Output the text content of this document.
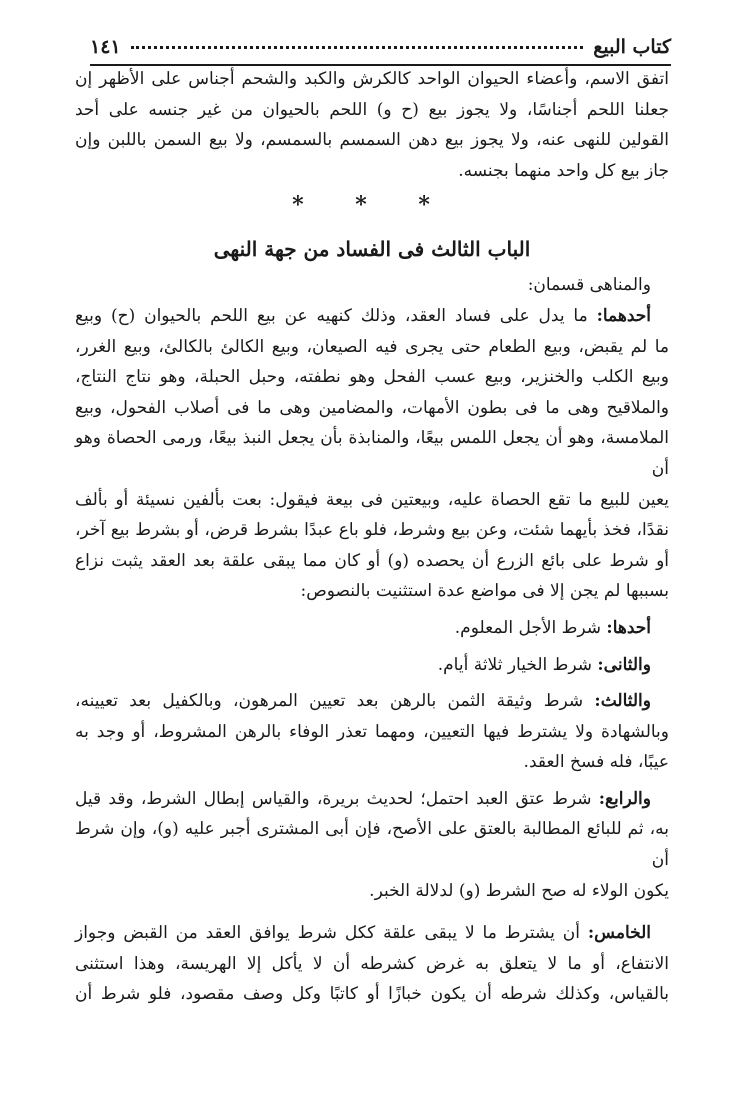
كتاب البيع
١٤١

اتفق الاسم، وأعضاء الحيوان الواحد كالكرش والكبد والشحم أجناس على الأظهر إن

جعلنا اللحم أجناسًا، ولا يجوز بيع (ح و) اللحم بالحيوان من غير جنسه على أحد

القولين للنهى عنه، ولا يجوز بيع دهن السمسم بالسمسم، ولا بيع السمن باللبن وإن

جاز بيع كل واحد منهما بجنسه.

* * *
الباب الثالث فى الفساد من جهة النهى

والمناهى قسمان:

أحدهما: ما يدل على فساد العقد، وذلك كنهيه عن بيع اللحم بالحيوان (ح) وبيع

ما لم يقبض، وبيع الطعام حتى يجرى فيه الصيعان، وبيع الكالئ بالكالئ، وبيع الغرر،

وبيع الكلب والخنزير، وبيع عسب الفحل وهو نطفته، وحبل الحبلة، وهو نتاج النتاج،

والملاقيح وهى ما فى بطون الأمهات، والمضامين وهى ما فى أصلاب الفحول، وبيع

الملامسة، وهو أن يجعل اللمس بيعًا، والمنابذة بأن يجعل النبذ بيعًا، ورمى الحصاة وهو أن

يعين للبيع ما تقع الحصاة عليه، وبيعتين فى بيعة فيقول: بعت بألفين نسيئة أو بألف

نقدًا، فخذ بأيهما شئت، وعن بيع وشرط، فلو باع عبدًا بشرط قرض، أو بشرط بيع آخر،

أو شرط على بائع الزرع أن يحصده (و) أو كان مما يبقى علقة بعد العقد يثبت نزاع

بسببها لم يجن إلا فى مواضع عدة استثنيت بالنصوص:

أحدها: شرط الأجل المعلوم.

والثانى: شرط الخيار ثلاثة أيام.

والثالث: شرط وثيقة الثمن بالرهن بعد تعيين المرهون، وبالكفيل بعد تعيينه،

وبالشهادة ولا يشترط فيها التعيين، ومهما تعذر الوفاء بالرهن المشروط، أو وجد به

عيبًا، فله فسخ العقد.

والرابع: شرط عتق العبد احتمل؛ لحديث بريرة، والقياس إبطال الشرط، وقد قيل

به، ثم للبائع المطالبة بالعتق على الأصح، فإن أبى المشترى أجبر عليه (و)، وإن شرط أن

يكون الولاء له صح الشرط (و) لدلالة الخبر.

الخامس: أن يشترط ما لا يبقى علقة ككل شرط يوافق العقد من القبض وجواز

الانتفاع، أو ما لا يتعلق به غرض كشرطه أن لا يأكل إلا الهريسة، وهذا استثنى

بالقياس، وكذلك شرطه أن يكون خبازًا أو كاتبًا وكل وصف مقصود، فلو شرط أن
